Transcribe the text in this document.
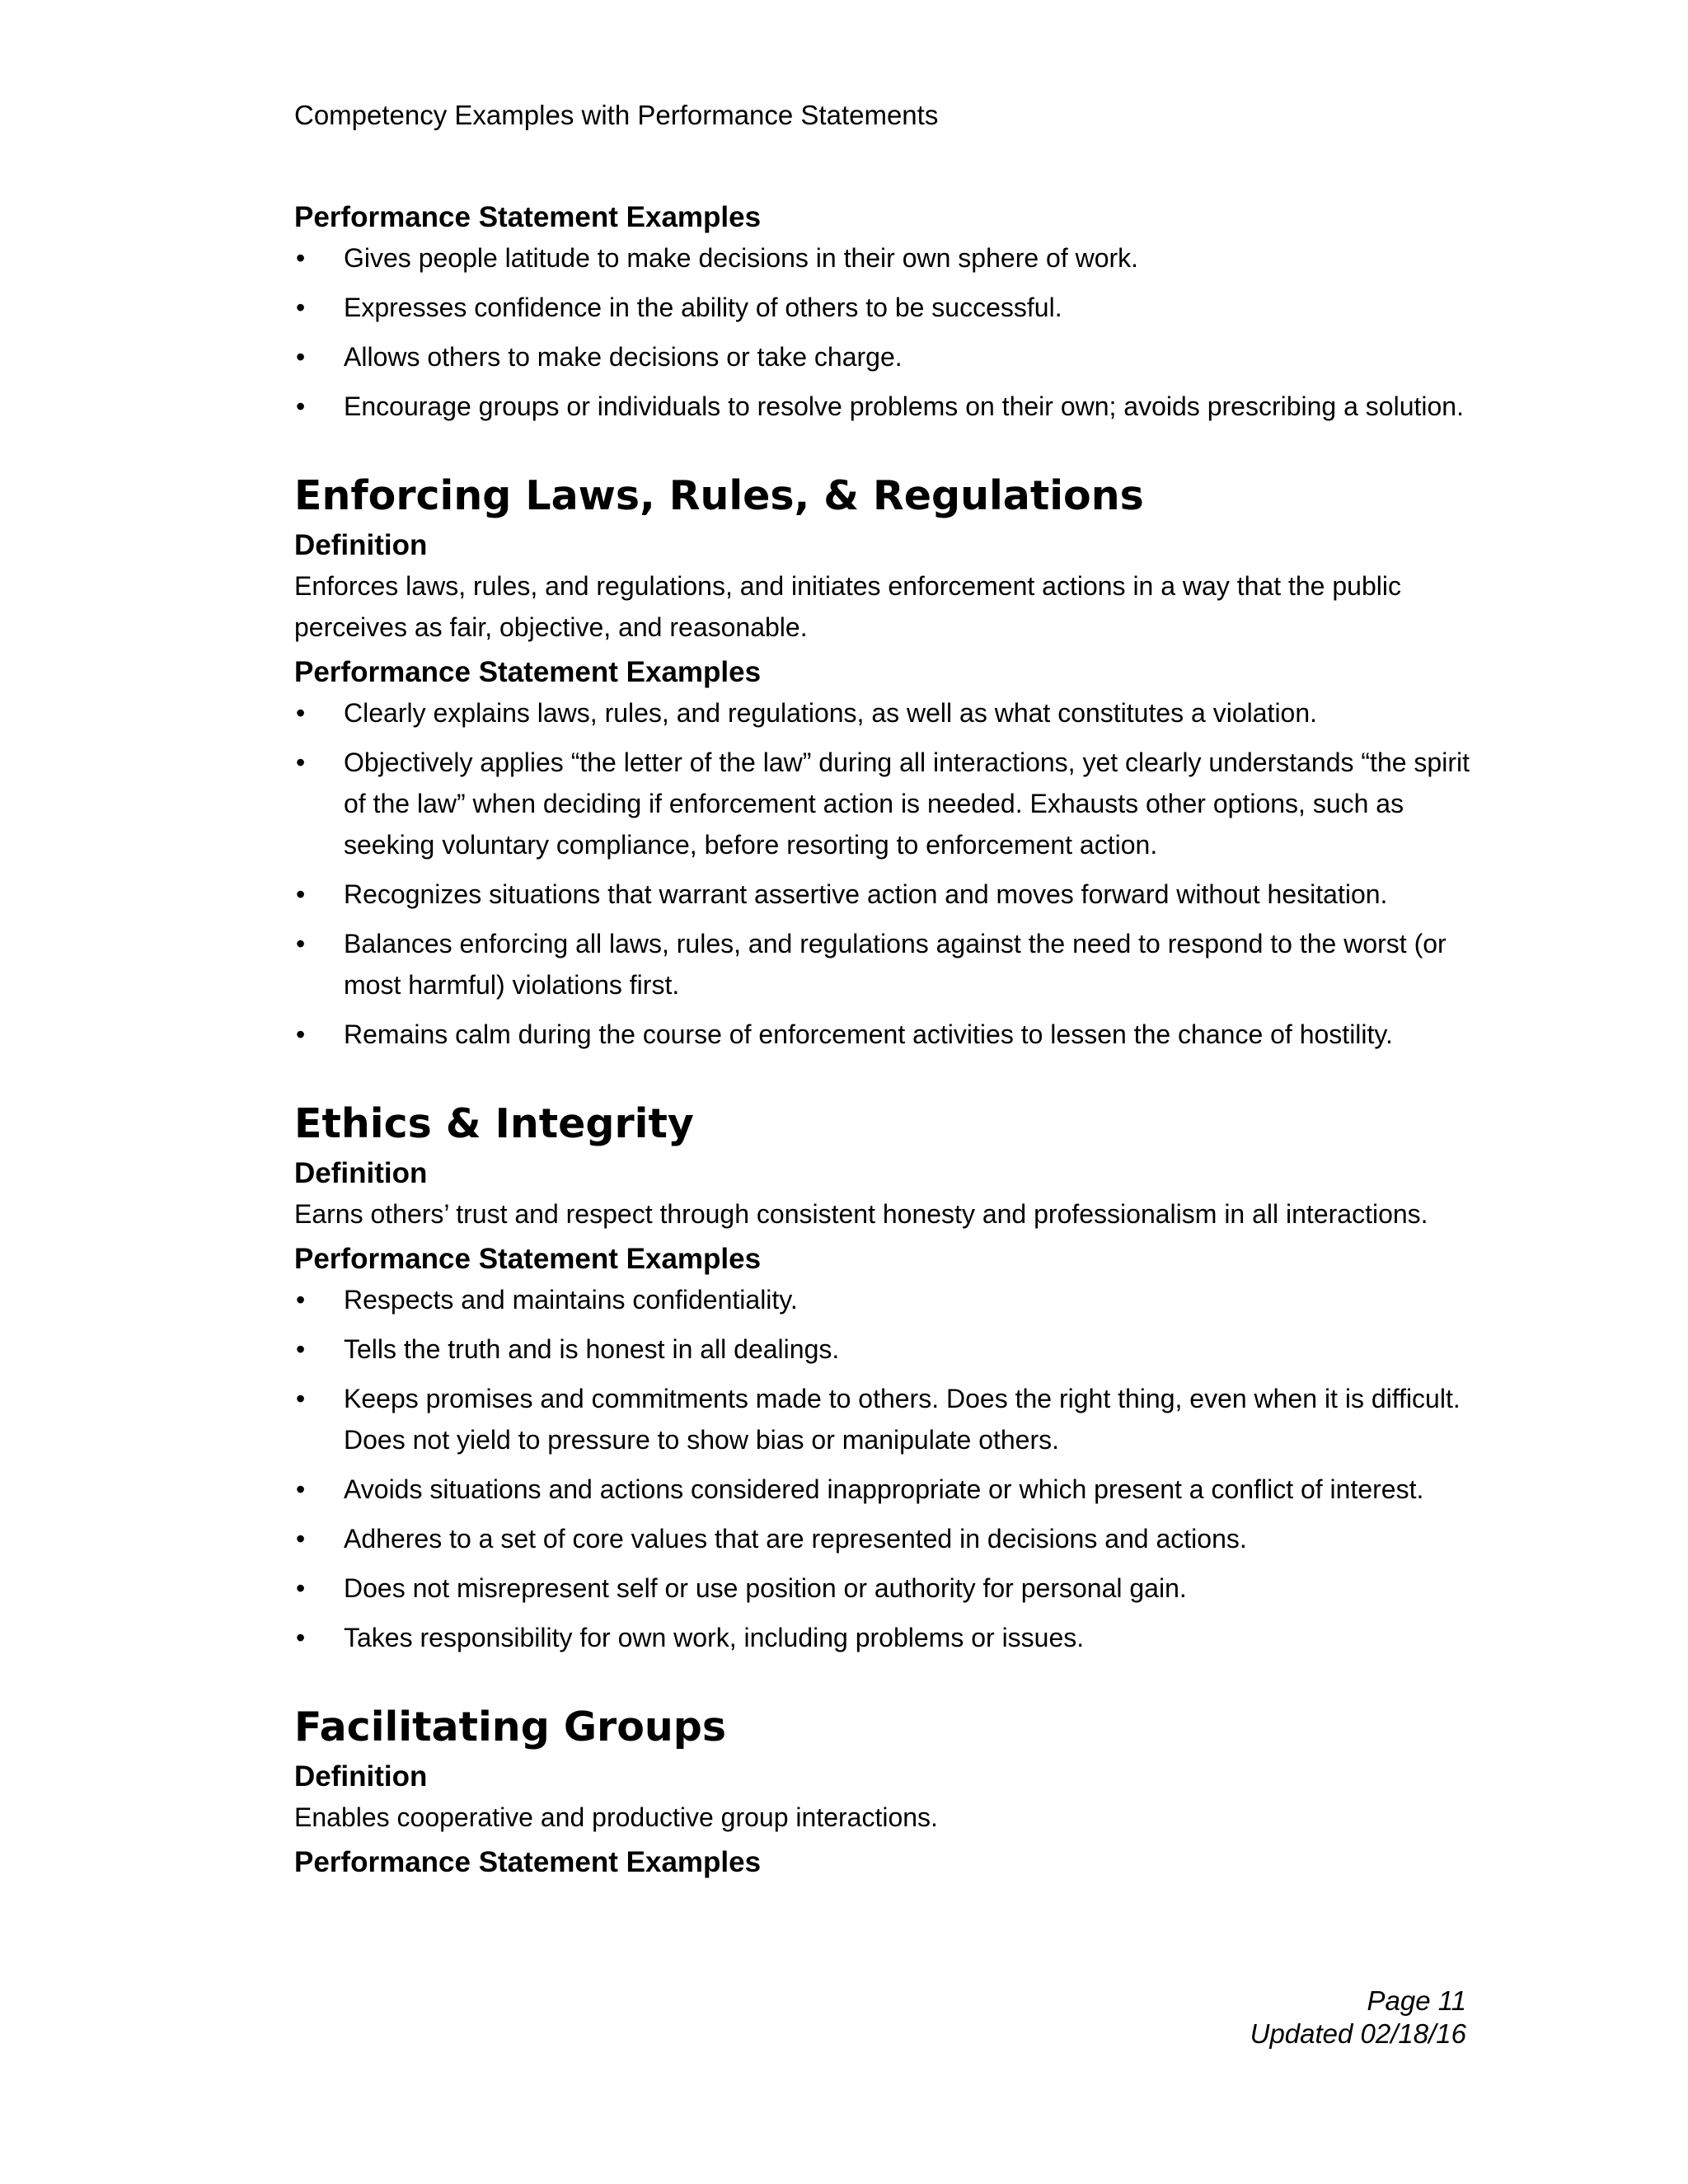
Competency Examples with Performance Statements

Performance Statement Examples

•	Gives people latitude to make decisions in their own sphere of work.
•	Expresses confidence in the ability of others to be successful.
•	Allows others to make decisions or take charge.
•	Encourage groups or individuals to resolve problems on their own; avoids prescribing a solution.
Enforcing Laws, Rules, & Regulations

Definition

Enforces laws, rules, and regulations, and initiates enforcement actions in a way that the public perceives as fair, objective, and reasonable.

Performance Statement Examples

•	Clearly explains laws, rules, and regulations, as well as what constitutes a violation.
•	Objectively applies “the letter of the law” during all interactions, yet clearly understands “the spirit of the law” when deciding if enforcement action is needed. Exhausts other options, such as seeking voluntary compliance, before resorting to enforcement action.
•	Recognizes situations that warrant assertive action and moves forward without hesitation.
•	Balances enforcing all laws, rules, and regulations against the need to respond to the worst (or most harmful) violations first.
•	Remains calm during the course of enforcement activities to lessen the chance of hostility.
Ethics & Integrity

Definition

Earns others’ trust and respect through consistent honesty and professionalism in all interactions.

Performance Statement Examples

•	Respects and maintains confidentiality.
•	Tells the truth and is honest in all dealings.
•	Keeps promises and commitments made to others. Does the right thing, even when it is difficult. Does not yield to pressure to show bias or manipulate others.
•	Avoids situations and actions considered inappropriate or which present a conflict of interest.
•	Adheres to a set of core values that are represented in decisions and actions.
•	Does not misrepresent self or use position or authority for personal gain.
•	Takes responsibility for own work, including problems or issues.
Facilitating Groups

Definition

Enables cooperative and productive group interactions.

Performance Statement Examples

Page 11
Updated 02/18/16
